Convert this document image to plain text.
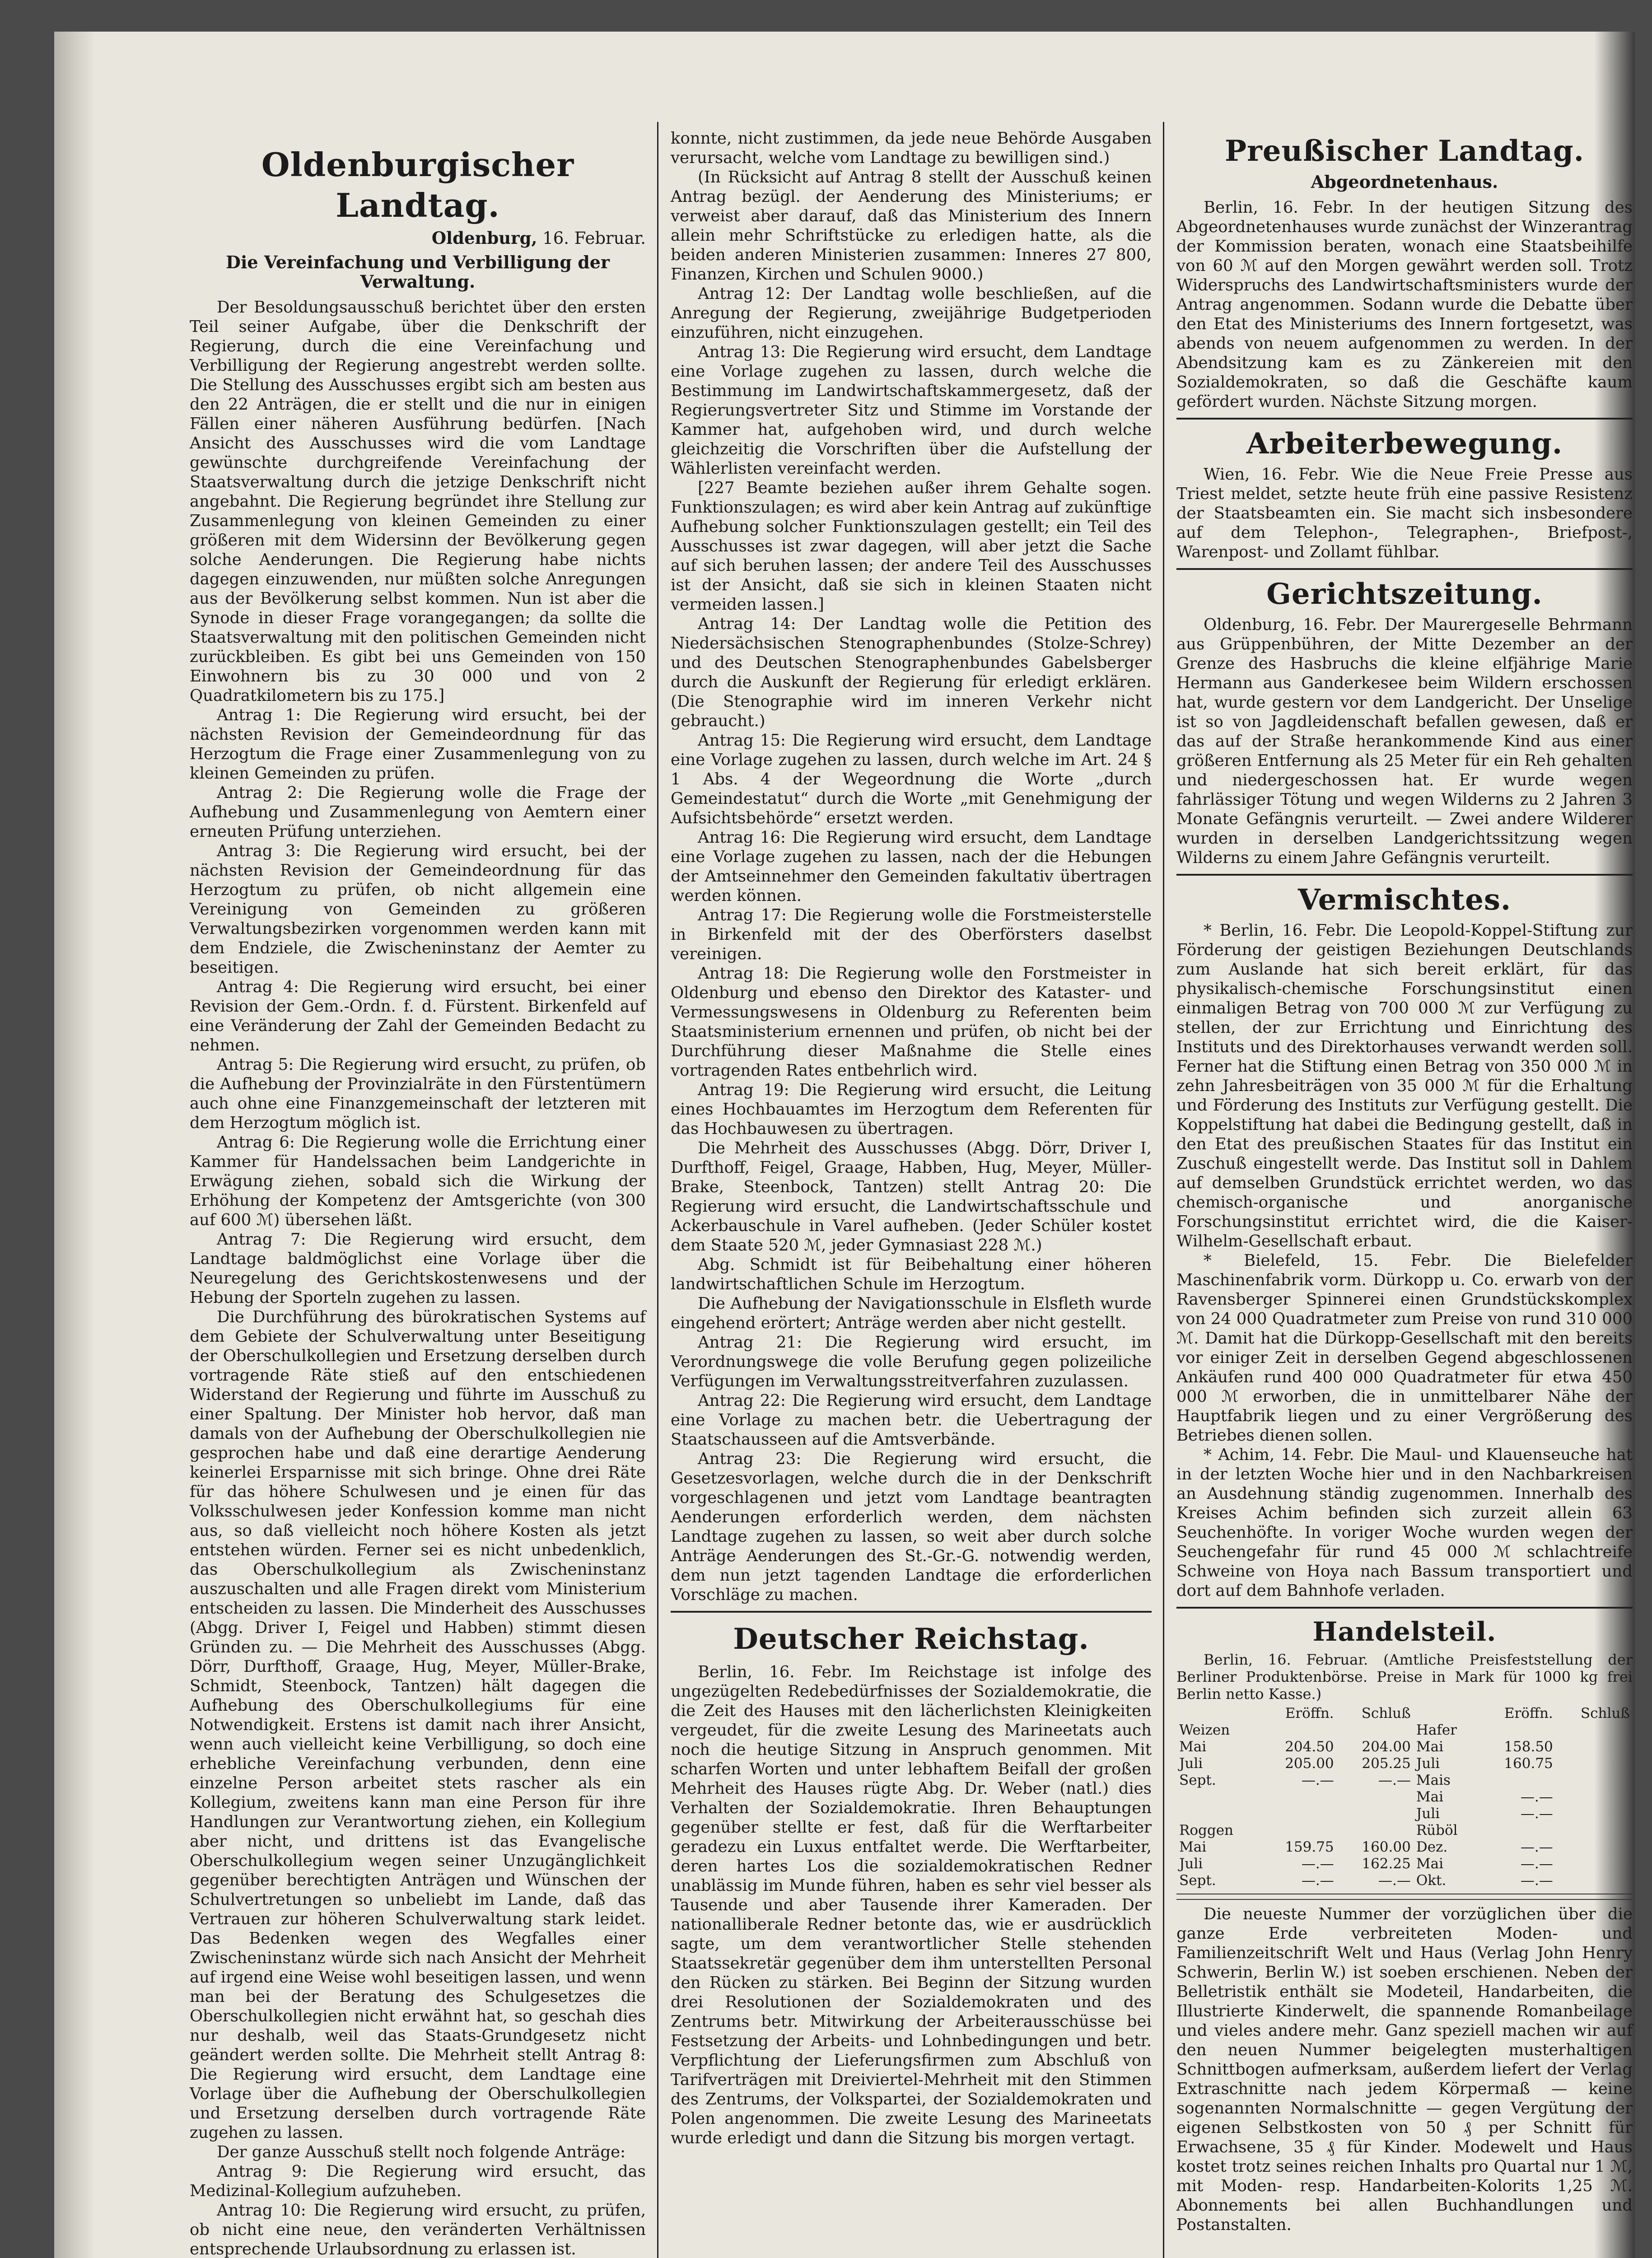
Oldenburgischer Landtag.
Oldenburg, 16. Februar.
Die Vereinfachung und Verbilligung der Verwaltung.

Der Besoldungsausschuß berichtet über den ersten Teil seiner Aufgabe, über die Denkschrift der Regierung, durch die eine Vereinfachung und Verbilligung der Regierung angestrebt werden sollte. Die Stellung des Ausschusses ergibt sich am besten aus den 22 Anträgen, die er stellt und die nur in einigen Fällen einer näheren Ausführung bedürfen. [Nach Ansicht des Ausschusses wird die vom Landtage gewünschte durchgreifende Vereinfachung der Staatsverwaltung durch die jetzige Denkschrift nicht angebahnt. Die Regierung begründet ihre Stellung zur Zusammenlegung von kleinen Gemeinden zu einer größeren mit dem Widersinn der Bevölkerung gegen solche Aenderungen. Die Regierung habe nichts dagegen einzuwenden, nur müßten solche Anregungen aus der Bevölkerung selbst kommen. Nun ist aber die Synode in dieser Frage vorangegangen; da sollte die Staatsverwaltung mit den politischen Gemeinden nicht zurückbleiben. Es gibt bei uns Gemeinden von 150 Einwohnern bis zu 30 000 und von 2 Quadratkilometern bis zu 175.]

Antrag 1: Die Regierung wird ersucht, bei der nächsten Revision der Gemeindeordnung für das Herzogtum die Frage einer Zusammenlegung von zu kleinen Gemeinden zu prüfen.

Antrag 2: Die Regierung wolle die Frage der Aufhebung und Zusammenlegung von Aemtern einer erneuten Prüfung unterziehen.

Antrag 3: Die Regierung wird ersucht, bei der nächsten Revision der Gemeindeordnung für das Herzogtum zu prüfen, ob nicht allgemein eine Vereinigung von Gemeinden zu größeren Verwaltungsbezirken vorgenommen werden kann mit dem Endziele, die Zwischeninstanz der Aemter zu beseitigen.

Antrag 4: Die Regierung wird ersucht, bei einer Revision der Gem.-Ordn. f. d. Fürstent. Birkenfeld auf eine Veränderung der Zahl der Gemeinden Bedacht zu nehmen.

Antrag 5: Die Regierung wird ersucht, zu prüfen, ob die Aufhebung der Provinzialräte in den Fürstentümern auch ohne eine Finanzgemeinschaft der letzteren mit dem Herzogtum möglich ist.

Antrag 6: Die Regierung wolle die Errichtung einer Kammer für Handelssachen beim Landgerichte in Erwägung ziehen, sobald sich die Wirkung der Erhöhung der Kompetenz der Amtsgerichte (von 300 auf 600 ℳ) übersehen läßt.

Antrag 7: Die Regierung wird ersucht, dem Landtage baldmöglichst eine Vorlage über die Neuregelung des Gerichtskostenwesens und der Hebung der Sporteln zugehen zu lassen.

Die Durchführung des bürokratischen Systems auf dem Gebiete der Schulverwaltung unter Beseitigung der Oberschulkollegien und Ersetzung derselben durch vortragende Räte stieß auf den entschiedenen Widerstand der Regierung und führte im Ausschuß zu einer Spaltung. Der Minister hob hervor, daß man damals von der Aufhebung der Oberschulkollegien nie gesprochen habe und daß eine derartige Aenderung keinerlei Ersparnisse mit sich bringe. Ohne drei Räte für das höhere Schulwesen und je einen für das Volksschulwesen jeder Konfession komme man nicht aus, so daß vielleicht noch höhere Kosten als jetzt entstehen würden. Ferner sei es nicht unbedenklich, das Oberschulkollegium als Zwischeninstanz auszuschalten und alle Fragen direkt vom Ministerium entscheiden zu lassen. Die Minderheit des Ausschusses (Abgg. Driver I, Feigel und Habben) stimmt diesen Gründen zu. — Die Mehrheit des Ausschusses (Abgg. Dörr, Durfthoff, Graage, Hug, Meyer, Müller-Brake, Schmidt, Steenbock, Tantzen) hält dagegen die Aufhebung des Oberschulkollegiums für eine Notwendigkeit. Erstens ist damit nach ihrer Ansicht, wenn auch vielleicht keine Verbilligung, so doch eine erhebliche Vereinfachung verbunden, denn eine einzelne Person arbeitet stets rascher als ein Kollegium, zweitens kann man eine Person für ihre Handlungen zur Verantwortung ziehen, ein Kollegium aber nicht, und drittens ist das Evangelische Oberschulkollegium wegen seiner Unzugänglichkeit gegenüber berechtigten Anträgen und Wünschen der Schulvertretungen so unbeliebt im Lande, daß das Vertrauen zur höheren Schulverwaltung stark leidet. Das Bedenken wegen des Wegfalles einer Zwischeninstanz würde sich nach Ansicht der Mehrheit auf irgend eine Weise wohl beseitigen lassen, und wenn man bei der Beratung des Schulgesetzes die Oberschulkollegien nicht erwähnt hat, so geschah dies nur deshalb, weil das Staats-Grundgesetz nicht geändert werden sollte. Die Mehrheit stellt Antrag 8: Die Regierung wird ersucht, dem Landtage eine Vorlage über die Aufhebung der Oberschulkollegien und Ersetzung derselben durch vortragende Räte zugehen zu lassen.

Der ganze Ausschuß stellt noch folgende Anträge:

Antrag 9: Die Regierung wird ersucht, das Medizinal-Kollegium aufzuheben.

Antrag 10: Die Regierung wird ersucht, zu prüfen, ob nicht eine neue, den veränderten Verhältnissen entsprechende Urlaubsordnung zu erlassen ist.

konnte, nicht zustimmen, da jede neue Behörde Ausgaben verursacht, welche vom Landtage zu bewilligen sind.)

(In Rücksicht auf Antrag 8 stellt der Ausschuß keinen Antrag bezügl. der Aenderung des Ministeriums; er verweist aber darauf, daß das Ministerium des Innern allein mehr Schriftstücke zu erledigen hatte, als die beiden anderen Ministerien zusammen: Inneres 27 800, Finanzen, Kirchen und Schulen 9000.)

Antrag 12: Der Landtag wolle beschließen, auf die Anregung der Regierung, zweijährige Budgetperioden einzuführen, nicht einzugehen.

Antrag 13: Die Regierung wird ersucht, dem Landtage eine Vorlage zugehen zu lassen, durch welche die Bestimmung im Landwirtschaftskammergesetz, daß der Regierungsvertreter Sitz und Stimme im Vorstande der Kammer hat, aufgehoben wird, und durch welche gleichzeitig die Vorschriften über die Aufstellung der Wählerlisten vereinfacht werden.

[227 Beamte beziehen außer ihrem Gehalte sogen. Funktionszulagen; es wird aber kein Antrag auf zukünftige Aufhebung solcher Funktionszulagen gestellt; ein Teil des Ausschusses ist zwar dagegen, will aber jetzt die Sache auf sich beruhen lassen; der andere Teil des Ausschusses ist der Ansicht, daß sie sich in kleinen Staaten nicht vermeiden lassen.]

Antrag 14: Der Landtag wolle die Petition des Niedersächsischen Stenographenbundes (Stolze-Schrey) und des Deutschen Stenographenbundes Gabelsberger durch die Auskunft der Regierung für erledigt erklären. (Die Stenographie wird im inneren Verkehr nicht gebraucht.)

Antrag 15: Die Regierung wird ersucht, dem Landtage eine Vorlage zugehen zu lassen, durch welche im Art. 24 § 1 Abs. 4 der Wegeordnung die Worte „durch Gemeindestatut“ durch die Worte „mit Genehmigung der Aufsichtsbehörde“ ersetzt werden.

Antrag 16: Die Regierung wird ersucht, dem Landtage eine Vorlage zugehen zu lassen, nach der die Hebungen der Amtseinnehmer den Gemeinden fakultativ übertragen werden können.

Antrag 17: Die Regierung wolle die Forstmeisterstelle in Birkenfeld mit der des Oberförsters daselbst vereinigen.

Antrag 18: Die Regierung wolle den Forstmeister in Oldenburg und ebenso den Direktor des Kataster- und Vermessungswesens in Oldenburg zu Referenten beim Staatsministerium ernennen und prüfen, ob nicht bei der Durchführung dieser Maßnahme die Stelle eines vortragenden Rates entbehrlich wird.

Antrag 19: Die Regierung wird ersucht, die Leitung eines Hochbauamtes im Herzogtum dem Referenten für das Hochbauwesen zu übertragen.

Die Mehrheit des Ausschusses (Abgg. Dörr, Driver I, Durfthoff, Feigel, Graage, Habben, Hug, Meyer, Müller-Brake, Steenbock, Tantzen) stellt Antrag 20: Die Regierung wird ersucht, die Landwirtschaftsschule und Ackerbauschule in Varel aufheben. (Jeder Schüler kostet dem Staate 520 ℳ, jeder Gymnasiast 228 ℳ.)

Abg. Schmidt ist für Beibehaltung einer höheren landwirtschaftlichen Schule im Herzogtum.

Die Aufhebung der Navigationsschule in Elsfleth wurde eingehend erörtert; Anträge werden aber nicht gestellt.

Antrag 21: Die Regierung wird ersucht, im Verordnungswege die volle Berufung gegen polizeiliche Verfügungen im Verwaltungsstreitverfahren zuzulassen.

Antrag 22: Die Regierung wird ersucht, dem Landtage eine Vorlage zu machen betr. die Uebertragung der Staatschausseen auf die Amtsverbände.

Antrag 23: Die Regierung wird ersucht, die Gesetzesvorlagen, welche durch die in der Denkschrift vorgeschlagenen und jetzt vom Landtage beantragten Aenderungen erforderlich werden, dem nächsten Landtage zugehen zu lassen, so weit aber durch solche Anträge Aenderungen des St.-Gr.-G. notwendig werden, dem nun jetzt tagenden Landtage die erforderlichen Vorschläge zu machen.

Deutscher Reichstag.

Berlin, 16. Febr. Im Reichstage ist infolge des ungezügelten Redebedürfnisses der Sozialdemokratie, die die Zeit des Hauses mit den lächerlichsten Kleinigkeiten vergeudet, für die zweite Lesung des Marineetats auch noch die heutige Sitzung in Anspruch genommen. Mit scharfen Worten und unter lebhaftem Beifall der großen Mehrheit des Hauses rügte Abg. Dr. Weber (natl.) dies Verhalten der Sozialdemokratie. Ihren Behauptungen gegenüber stellte er fest, daß für die Werftarbeiter geradezu ein Luxus entfaltet werde. Die Werftarbeiter, deren hartes Los die sozialdemokratischen Redner unablässig im Munde führen, haben es sehr viel besser als Tausende und aber Tausende ihrer Kameraden. Der nationalliberale Redner betonte das, wie er ausdrücklich sagte, um dem verantwortlicher Stelle stehenden Staatssekretär gegenüber dem ihm unterstellten Personal den Rücken zu stärken. Bei Beginn der Sitzung wurden drei Resolutionen der Sozialdemokraten und des Zentrums betr. Mitwirkung der Arbeiterausschüsse bei Festsetzung der Arbeits- und Lohnbedingungen und betr. Verpflichtung der Lieferungsfirmen zum Abschluß von Tarifverträgen mit Dreiviertel-Mehrheit mit den Stimmen des Zentrums, der Volkspartei, der Sozialdemokraten und Polen angenommen. Die zweite Lesung des Marineetats wurde erledigt und dann die Sitzung bis morgen vertagt.

Preußischer Landtag.
Abgeordnetenhaus.

Berlin, 16. Febr. In der heutigen Sitzung des Abgeordnetenhauses wurde zunächst der Winzerantrag der Kommission beraten, wonach eine Staatsbeihilfe von 60 ℳ auf den Morgen gewährt werden soll. Trotz Widerspruchs des Landwirtschaftsministers wurde der Antrag angenommen. Sodann wurde die Debatte über den Etat des Ministeriums des Innern fortgesetzt, was abends von neuem aufgenommen zu werden. In der Abendsitzung kam es zu Zänkereien mit den Sozialdemokraten, so daß die Geschäfte kaum gefördert wurden. Nächste Sitzung morgen.

Arbeiterbewegung.

Wien, 16. Febr. Wie die Neue Freie Presse aus Triest meldet, setzte heute früh eine passive Resistenz der Staatsbeamten ein. Sie macht sich insbesondere auf dem Telephon-, Telegraphen-, Briefpost-, Warenpost- und Zollamt fühlbar.

Gerichtszeitung.

Oldenburg, 16. Febr. Der Maurergeselle Behrmann aus Grüppenbühren, der Mitte Dezember an der Grenze des Hasbruchs die kleine elfjährige Marie Hermann aus Ganderkesee beim Wildern erschossen hat, wurde gestern vor dem Landgericht. Der Unselige ist so von Jagdleidenschaft befallen gewesen, daß er das auf der Straße herankommende Kind aus einer größeren Entfernung als 25 Meter für ein Reh gehalten und niedergeschossen hat. Er wurde wegen fahrlässiger Tötung und wegen Wilderns zu 2 Jahren 3 Monate Gefängnis verurteilt. — Zwei andere Wilderer wurden in derselben Landgerichtssitzung wegen Wilderns zu einem Jahre Gefängnis verurteilt.

Vermischtes.

* Berlin, 16. Febr. Die Leopold-Koppel-Stiftung zur Förderung der geistigen Beziehungen Deutschlands zum Auslande hat sich bereit erklärt, für das physikalisch-chemische Forschungsinstitut einen einmaligen Betrag von 700 000 ℳ zur Verfügung zu stellen, der zur Errichtung und Einrichtung des Instituts und des Direktorhauses verwandt werden soll. Ferner hat die Stiftung einen Betrag von 350 000 ℳ in zehn Jahresbeiträgen von 35 000 ℳ für die Erhaltung und Förderung des Instituts zur Verfügung gestellt. Die Koppelstiftung hat dabei die Bedingung gestellt, daß in den Etat des preußischen Staates für das Institut ein Zuschuß eingestellt werde. Das Institut soll in Dahlem auf demselben Grundstück errichtet werden, wo das chemisch-organische und anorganische Forschungsinstitut errichtet wird, die die Kaiser-Wilhelm-Gesellschaft erbaut.

* Bielefeld, 15. Febr. Die Bielefelder Maschinenfabrik vorm. Dürkopp u. Co. erwarb von der Ravensberger Spinnerei einen Grundstückskomplex von 24 000 Quadratmeter zum Preise von rund 310 000 ℳ. Damit hat die Dürkopp-Gesellschaft mit den bereits vor einiger Zeit in derselben Gegend abgeschlossenen Ankäufen rund 400 000 Quadratmeter für etwa 450 000 ℳ erworben, die in unmittelbarer Nähe der Hauptfabrik liegen und zu einer Vergrößerung des Betriebes dienen sollen.

* Achim, 14. Febr. Die Maul- und Klauenseuche hat in der letzten Woche hier und in den Nachbarkreisen an Ausdehnung ständig zugenommen. Innerhalb des Kreises Achim befinden sich zurzeit allein 63 Seuchenhöfte. In voriger Woche wurden wegen der Seuchengefahr für rund 45 000 ℳ schlachtreife Schweine von Hoya nach Bassum transportiert und dort auf dem Bahnhofe verladen.

Handelsteil.

Berlin, 16. Februar. (Amtliche Preisfeststellung der Berliner Produktenbörse. Preise in Mark für 1000 kg frei Berlin netto Kasse.)

	Eröffn.	Schluß		Eröffn.	Schluß
Weizen			Hafer		
Mai	204.50	204.00	Mai	158.50	
Juli	205.00	205.25	Juli	160.75	
Sept.	—.—	—.—	Mais		
			Mai	—.—	
			Juli	—.—	
Roggen			Rüböl		
Mai	159.75	160.00	Dez.	—.—	
Juli	—.—	162.25	Mai	—.—	
Sept.	—.—	—.—	Okt.	—.—	

Die neueste Nummer der vorzüglichen über die ganze Erde verbreiteten Moden- und Familienzeitschrift Welt und Haus (Verlag John Henry Schwerin, Berlin W.) ist soeben erschienen. Neben der Belletristik enthält sie Modeteil, Handarbeiten, die Illustrierte Kinderwelt, die spannende Romanbeilage und vieles andere mehr. Ganz speziell machen wir auf den neuen Nummer beigelegten musterhaltigen Schnittbogen aufmerksam, außerdem liefert der Verlag Extraschnitte nach jedem Körpermaß — keine sogenannten Normalschnitte — gegen Vergütung der eigenen Selbstkosten von 50 ₰ per Schnitt für Erwachsene, 35 ₰ für Kinder. Modewelt und Haus kostet trotz seines reichen Inhalts pro Quartal nur 1 ℳ, mit Moden- resp. Handarbeiten-Kolorits 1,25 ℳ. Abonnements bei allen Buchhandlungen und Postanstalten.
